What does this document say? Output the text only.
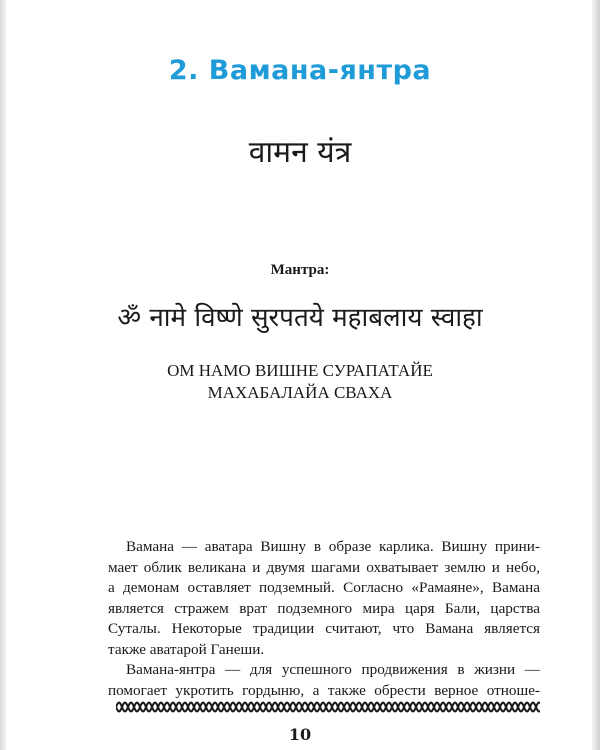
2. Вамана-янтра
वामन यंत्र
Мантра:
ॐ नामे विष्णे सुरपतये महाबलाय स्वाहा
ОМ НАМО ВИШНЕ СУРАПАТАЙЕ
МАХАБАЛАЙА СВАХА
Вамана — аватара Вишну в образе карлика. Вишну прини-
мает облик великана и двумя шагами охватывает землю и небо,
а демонам оставляет подземный. Согласно «Рамаяне», Вамана
является стражем врат подземного мира царя Бали, царства
Суталы. Некоторые традиции считают, что Вамана является
также аватарой Ганеши.
Вамана-янтра — для успешного продвижения в жизни —
помогает укротить гордыню, а также обрести верное отноше-
10
